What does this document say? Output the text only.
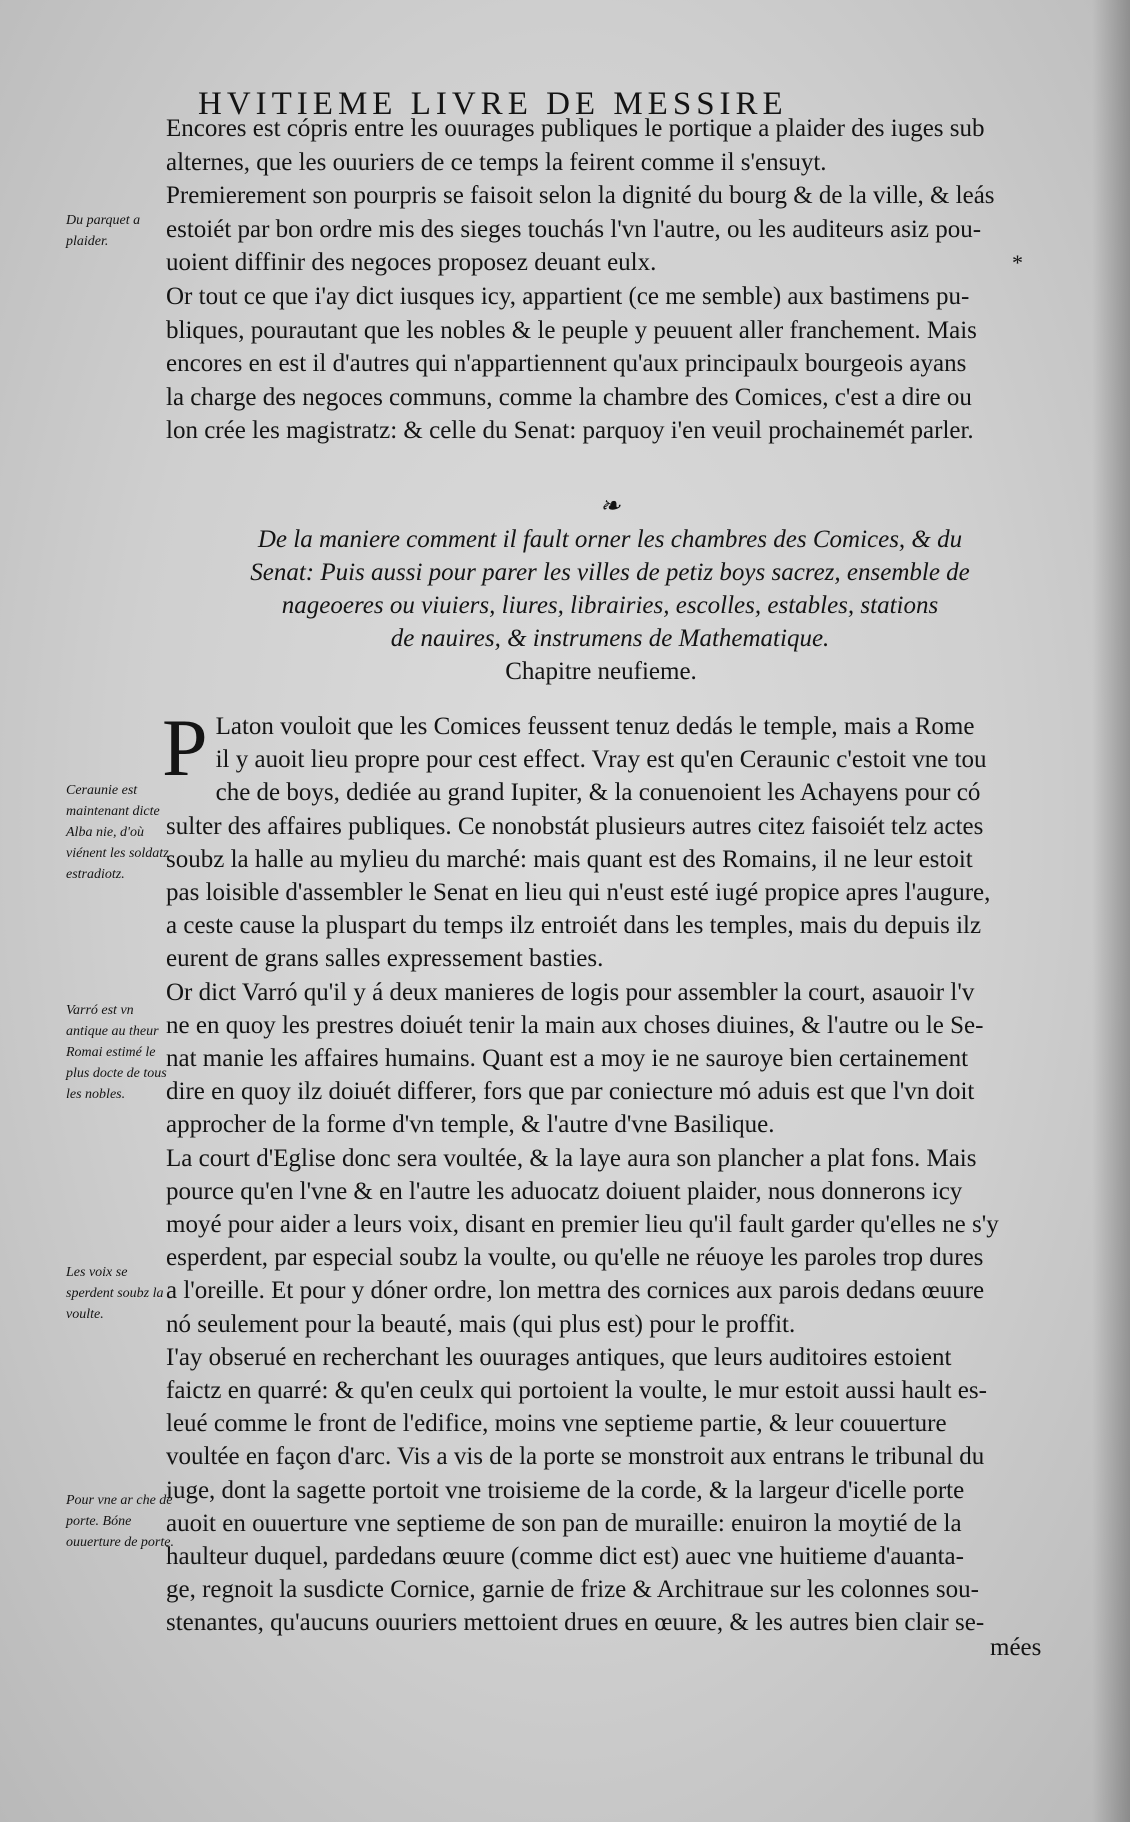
HVITIEME LIVRE DE MESSIRE

Encores est cópris entre les ouurages publiques le portique a plaider des iuges sub
alternes, que les ouuriers de ce temps la feirent comme il s'ensuyt.
Premierement son pourpris se faisoit selon la dignité du bourg & de la ville, & leás
estoiét par bon ordre mis des sieges touchás l'vn l'autre, ou les auditeurs asiz pou-
uoient diffinir des negoces proposez deuant eulx.

Or tout ce que i'ay dict iusques icy, appartient (ce me semble) aux bastimens pu-
bliques, pourautant que les nobles & le peuple y peuuent aller franchement. Mais
encores en est il d'autres qui n'appartiennent qu'aux principaulx bourgeois ayans
la charge des negoces communs, comme la chambre des Comices, c'est a dire ou
lon crée les magistratz: & celle du Senat: parquoy i'en veuil prochainemét parler.

*
❧
De la maniere comment il fault orner les chambres des Comices, & du
Senat: Puis aussi pour parer les villes de petiz boys sacrez, ensemble de
nageoeres ou viuiers, liures, librairies, escolles, estables, stations
de nauires, & instrumens de Mathematique.
Chapitre neufieme.
P Laton vouloit que les Comices feussent tenuz dedás le temple, mais a Rome
il y auoit lieu propre pour cest effect. Vray est qu'en Ceraunic c'estoit vne tou
che de boys, dediée au grand Iupiter, & la conuenoient les Achayens pour có
sulter des affaires publiques. Ce nonobstát plusieurs autres citez faisoiét telz actes
soubz la halle au mylieu du marché: mais quant est des Romains, il ne leur estoit
pas loisible d'assembler le Senat en lieu qui n'eust esté iugé propice apres l'augure,
a ceste cause la pluspart du temps ilz entroiét dans les temples, mais du depuis ilz
eurent de grans salles expressement basties.
Or dict Varró qu'il y á deux manieres de logis pour assembler la court, asauoir l'v
ne en quoy les prestres doiuét tenir la main aux choses diuines, & l'autre ou le Se-
nat manie les affaires humains. Quant est a moy ie ne sauroye bien certainement
dire en quoy ilz doiuét differer, fors que par coniecture mó aduis est que l'vn doit
approcher de la forme d'vn temple, & l'autre d'vne Basilique.
La court d'Eglise donc sera voultée, & la laye aura son plancher a plat fons. Mais
pource qu'en l'vne & en l'autre les aduocatz doiuent plaider, nous donnerons icy
moyé pour aider a leurs voix, disant en premier lieu qu'il fault garder qu'elles ne s'y
esperdent, par especial soubz la voulte, ou qu'elle ne réuoye les paroles trop dures
a l'oreille. Et pour y dóner ordre, lon mettra des cornices aux parois dedans œuure
nó seulement pour la beauté, mais (qui plus est) pour le proffit.
I'ay obserué en recherchant les ouurages antiques, que leurs auditoires estoient
faictz en quarré: & qu'en ceulx qui portoient la voulte, le mur estoit aussi hault es-
leué comme le front de l'edifice, moins vne septieme partie, & leur couuerture
voultée en façon d'arc. Vis a vis de la porte se monstroit aux entrans le tribunal du
iuge, dont la sagette portoit vne troisieme de la corde, & la largeur d'icelle porte
auoit en ouuerture vne septieme de son pan de muraille: enuiron la moytié de la
haulteur duquel, pardedans œuure (comme dict est) auec vne huitieme d'auanta-
ge, regnoit la susdicte Cornice, garnie de frize & Architraue sur les colonnes sou-
stenantes, qu'aucuns ouuriers mettoient drues en œuure, & les autres bien clair se-

mées
Du parquet a plaider.
Ceraunie est maintenant dicte Alba nie, d'où viénent les soldatz estradiotz.
Varró est vn antique au theur Romai estimé le plus docte de tous les nobles.
Les voix se sperdent soubz la voulte.
Pour vne ar che de porte. Bóne ouuerture de porte.
